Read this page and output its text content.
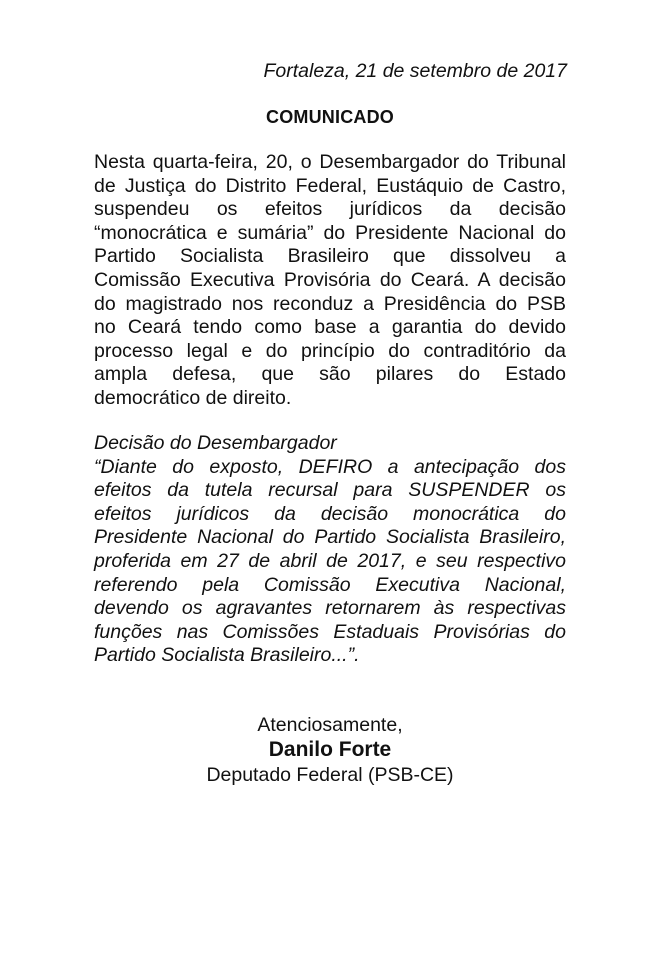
Fortaleza, 21 de setembro de 2017
COMUNICADO
Nesta quarta-feira, 20, o Desembargador do Tribunal
de Justiça do Distrito Federal, Eustáquio de Castro,
suspendeu os efeitos jurídicos da decisão
“monocrática e sumária” do Presidente Nacional do
Partido Socialista Brasileiro que dissolveu a
Comissão Executiva Provisória do Ceará. A decisão
do magistrado nos reconduz a Presidência do PSB
no Ceará tendo como base a garantia do devido
processo legal e do princípio do contraditório da
ampla defesa, que são pilares do Estado
democrático de direito.
Decisão do Desembargador
“Diante do exposto, DEFIRO a antecipação dos
efeitos da tutela recursal para SUSPENDER os
efeitos jurídicos da decisão monocrática do
Presidente Nacional do Partido Socialista Brasileiro,
proferida em 27 de abril de 2017, e seu respectivo
referendo pela Comissão Executiva Nacional,
devendo os agravantes retornarem às respectivas
funções nas Comissões Estaduais Provisórias do
Partido Socialista Brasileiro...”.
Atenciosamente,
Danilo Forte
Deputado Federal (PSB-CE)
